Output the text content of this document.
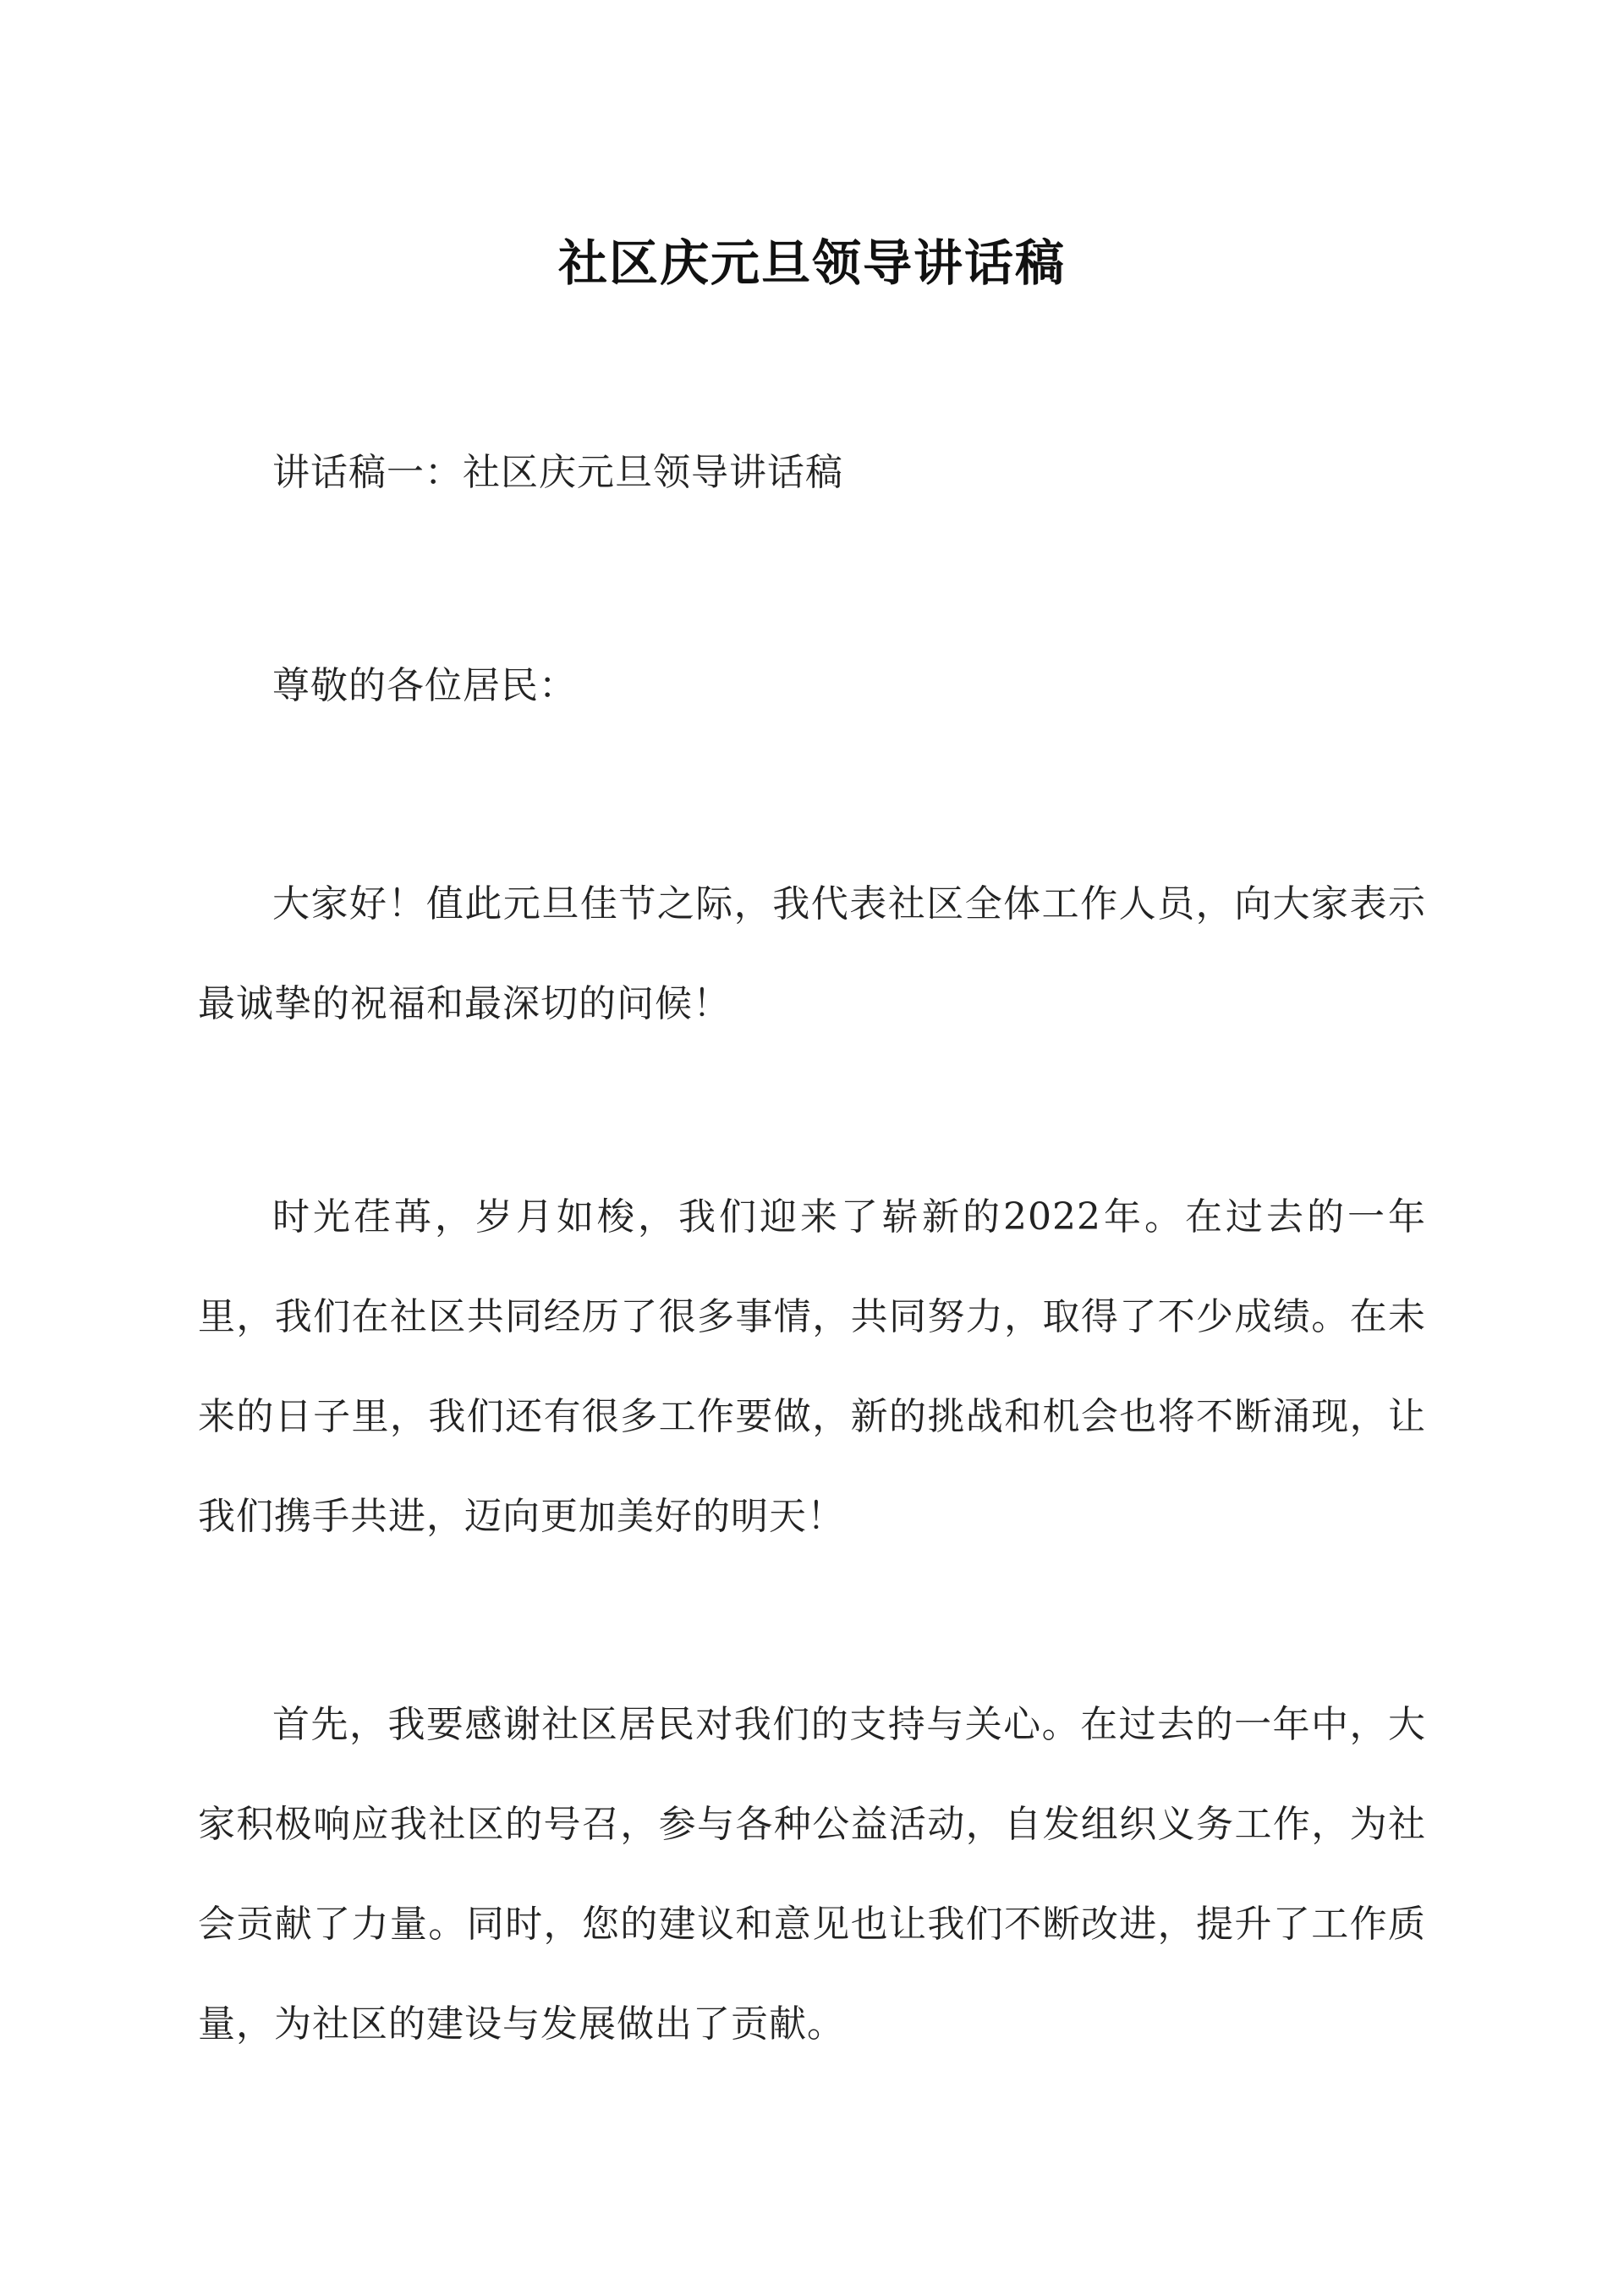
社区庆元旦领导讲话稿

讲话稿一：社区庆元旦领导讲话稿

尊敬的各位居民：

大家好！值此元旦佳节之际，我代表社区全体工作人员，向大家表示最诚挚的祝福和最深切的问候！

时光荏苒，岁月如梭，我们迎来了崭新的2022年。在过去的一年里，我们在社区共同经历了很多事情，共同努力，取得了不少成绩。在未来的日子里，我们还有很多工作要做，新的挑战和机会也将不断涌现，让我们携手共进，迈向更加美好的明天！

首先，我要感谢社区居民对我们的支持与关心。在过去的一年中，大家积极响应我社区的号召，参与各种公益活动，自发组织义务工作，为社会贡献了力量。同时，您的建议和意见也让我们不断改进，提升了工作质量，为社区的建设与发展做出了贡献。
